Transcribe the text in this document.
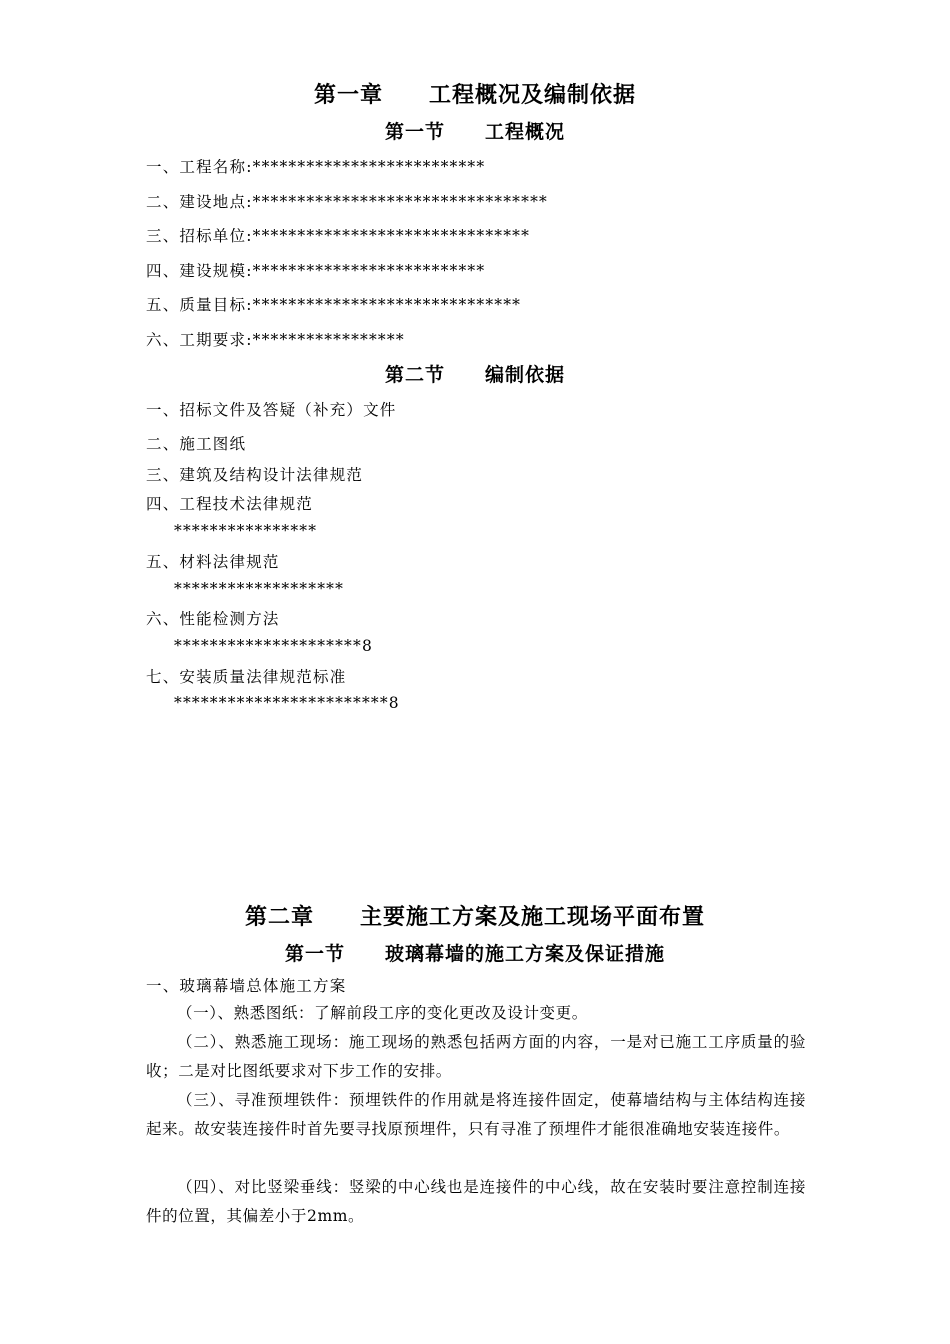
第一章　　工程概况及编制依据
第一节　　工程概况
一、工程名称:**************************
二、建设地点:*********************************
三、招标单位:*******************************
四、建设规模:**************************
五、质量目标:******************************
六、工期要求:*****************
第二节　　编制依据
一、招标文件及答疑（补充）文件
二、施工图纸
三、建筑及结构设计法律规范
四、工程技术法律规范
****************
五、材料法律规范
*******************
六、性能检测方法
*********************8
七、安装质量法律规范标准
************************8
第二章　　主要施工方案及施工现场平面布置
第一节　　玻璃幕墙的施工方案及保证措施
一、玻璃幕墙总体施工方案
（一）、熟悉图纸：了解前段工序的变化更改及设计变更。
（二）、熟悉施工现场：施工现场的熟悉包括两方面的内容，一是对已施工工序质量的验收；二是对比图纸要求对下步工作的安排。
（三）、寻准预埋铁件：预埋铁件的作用就是将连接件固定，使幕墙结构与主体结构连接起来。故安装连接件时首先要寻找原预埋件，只有寻准了预埋件才能很准确地安装连接件。
（四）、对比竖梁垂线：竖梁的中心线也是连接件的中心线，故在安装时要注意控制连接件的位置，其偏差小于2mm。
